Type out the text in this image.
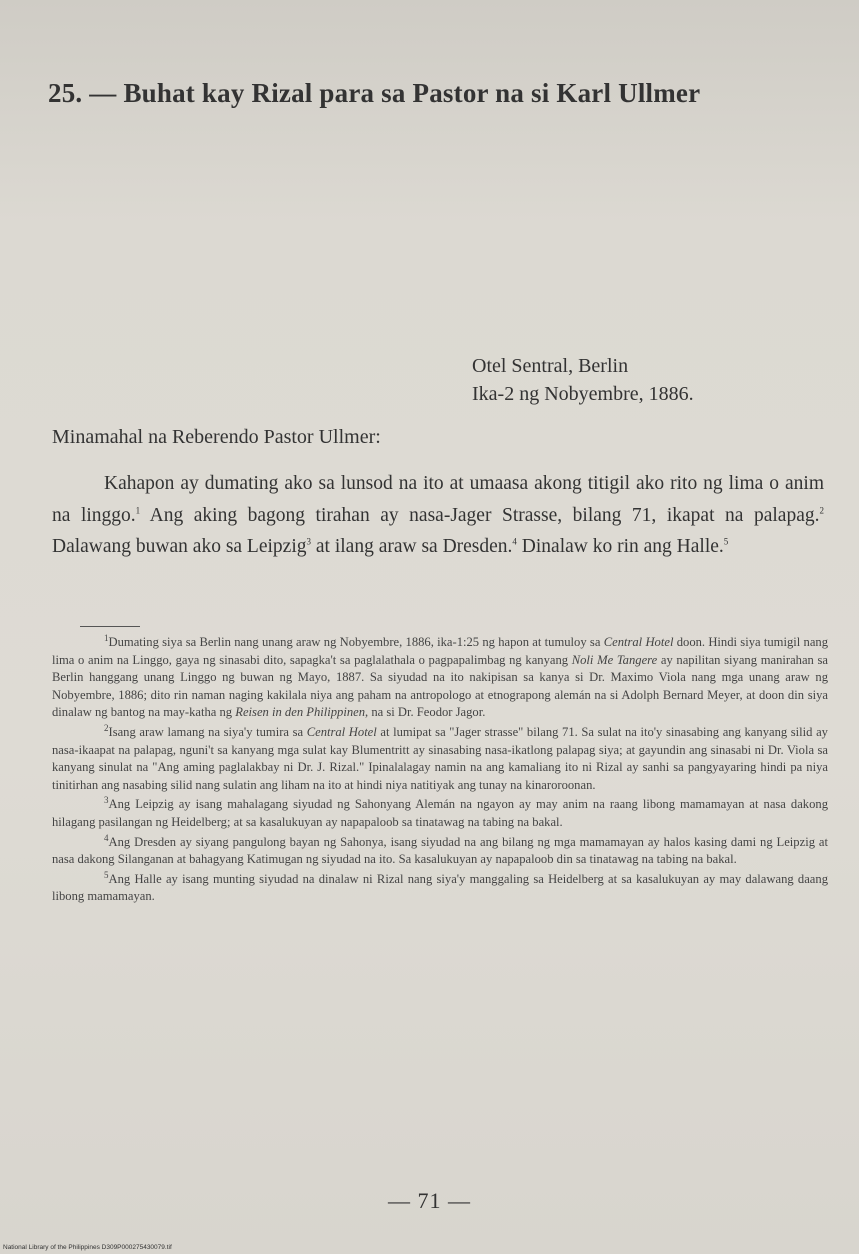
25. — Buhat kay Rizal para sa Pastor na si Karl Ullmer
Otel Sentral, Berlin
Ika-2 ng Nobyembre, 1886.
Minamahal na Reberendo Pastor Ullmer:

Kahapon ay dumating ako sa lunsod na ito at umaasa akong titigil ako rito ng lima o anim na linggo.$^1$ Ang aking bagong tirahan ay nasa-Jager Strasse, bilang 71, ikapat na palapag.$^2$ Dalawang buwan ako sa Leipzig$^3$ at ilang araw sa Dresden.$^4$ Dinalaw ko rin ang Halle.$^5$

$^1$Dumating siya sa Berlin nang unang araw ng Nobyembre, 1886, ika-1:25 ng hapon at tumuloy sa Central Hotel doon. Hindi siya tumigil nang lima o anim na Linggo, gaya ng sinasabi dito, sapagka't sa paglalathala o pagpapalimbag ng kanyang Noli Me Tangere ay napilitan siyang manirahan sa Berlin hanggang unang Linggo ng buwan ng Mayo, 1887. Sa siyudad na ito nakipisan sa kanya si Dr. Maximo Viola nang mga unang araw ng Nobyembre, 1886; dito rin naman naging kakilala niya ang paham na antropologo at etnograpong alemán na si Adolph Bernard Meyer, at doon din siya dinalaw ng bantog na may-katha ng Reisen in den Philippinen, na si Dr. Feodor Jagor.

$^2$Isang araw lamang na siya'y tumira sa Central Hotel at lumipat sa "Jager strasse" bilang 71. Sa sulat na ito'y sinasabing ang kanyang silid ay nasa-ikaapat na palapag, nguni't sa kanyang mga sulat kay Blumentritt ay sinasabing nasa-ikatlong palapag siya; at gayundin ang sinasabi ni Dr. Viola sa kanyang sinulat na "Ang aming paglalakbay ni Dr. J. Rizal." Ipinalalagay namin na ang kamaliang ito ni Rizal ay sanhi sa pangyayaring hindi pa niya tinitirhan ang nasabing silid nang sulatin ang liham na ito at hindi niya natitiyak ang tunay na kinaroroonan.

$^3$Ang Leipzig ay isang mahalagang siyudad ng Sahonyang Alemán na ngayon ay may anim na raang libong mamamayan at nasa dakong hilagang pasilangan ng Heidelberg; at sa kasalukuyan ay napapaloob sa tinatawag na tabing na bakal.

$^4$Ang Dresden ay siyang pangulong bayan ng Sahonya, isang siyudad na ang bilang ng mga mamamayan ay halos kasing dami ng Leipzig at nasa dakong Silanganan at bahagyang Katimugan ng siyudad na ito. Sa kasalukuyan ay napapaloob din sa tinatawag na tabing na bakal.

$^5$Ang Halle ay isang munting siyudad na dinalaw ni Rizal nang siya'y manggaling sa Heidelberg at sa kasalukuyan ay may dalawang daang libong mamamayan.

— 71 —
National Library of the Philippines D309P000275430079.tif
